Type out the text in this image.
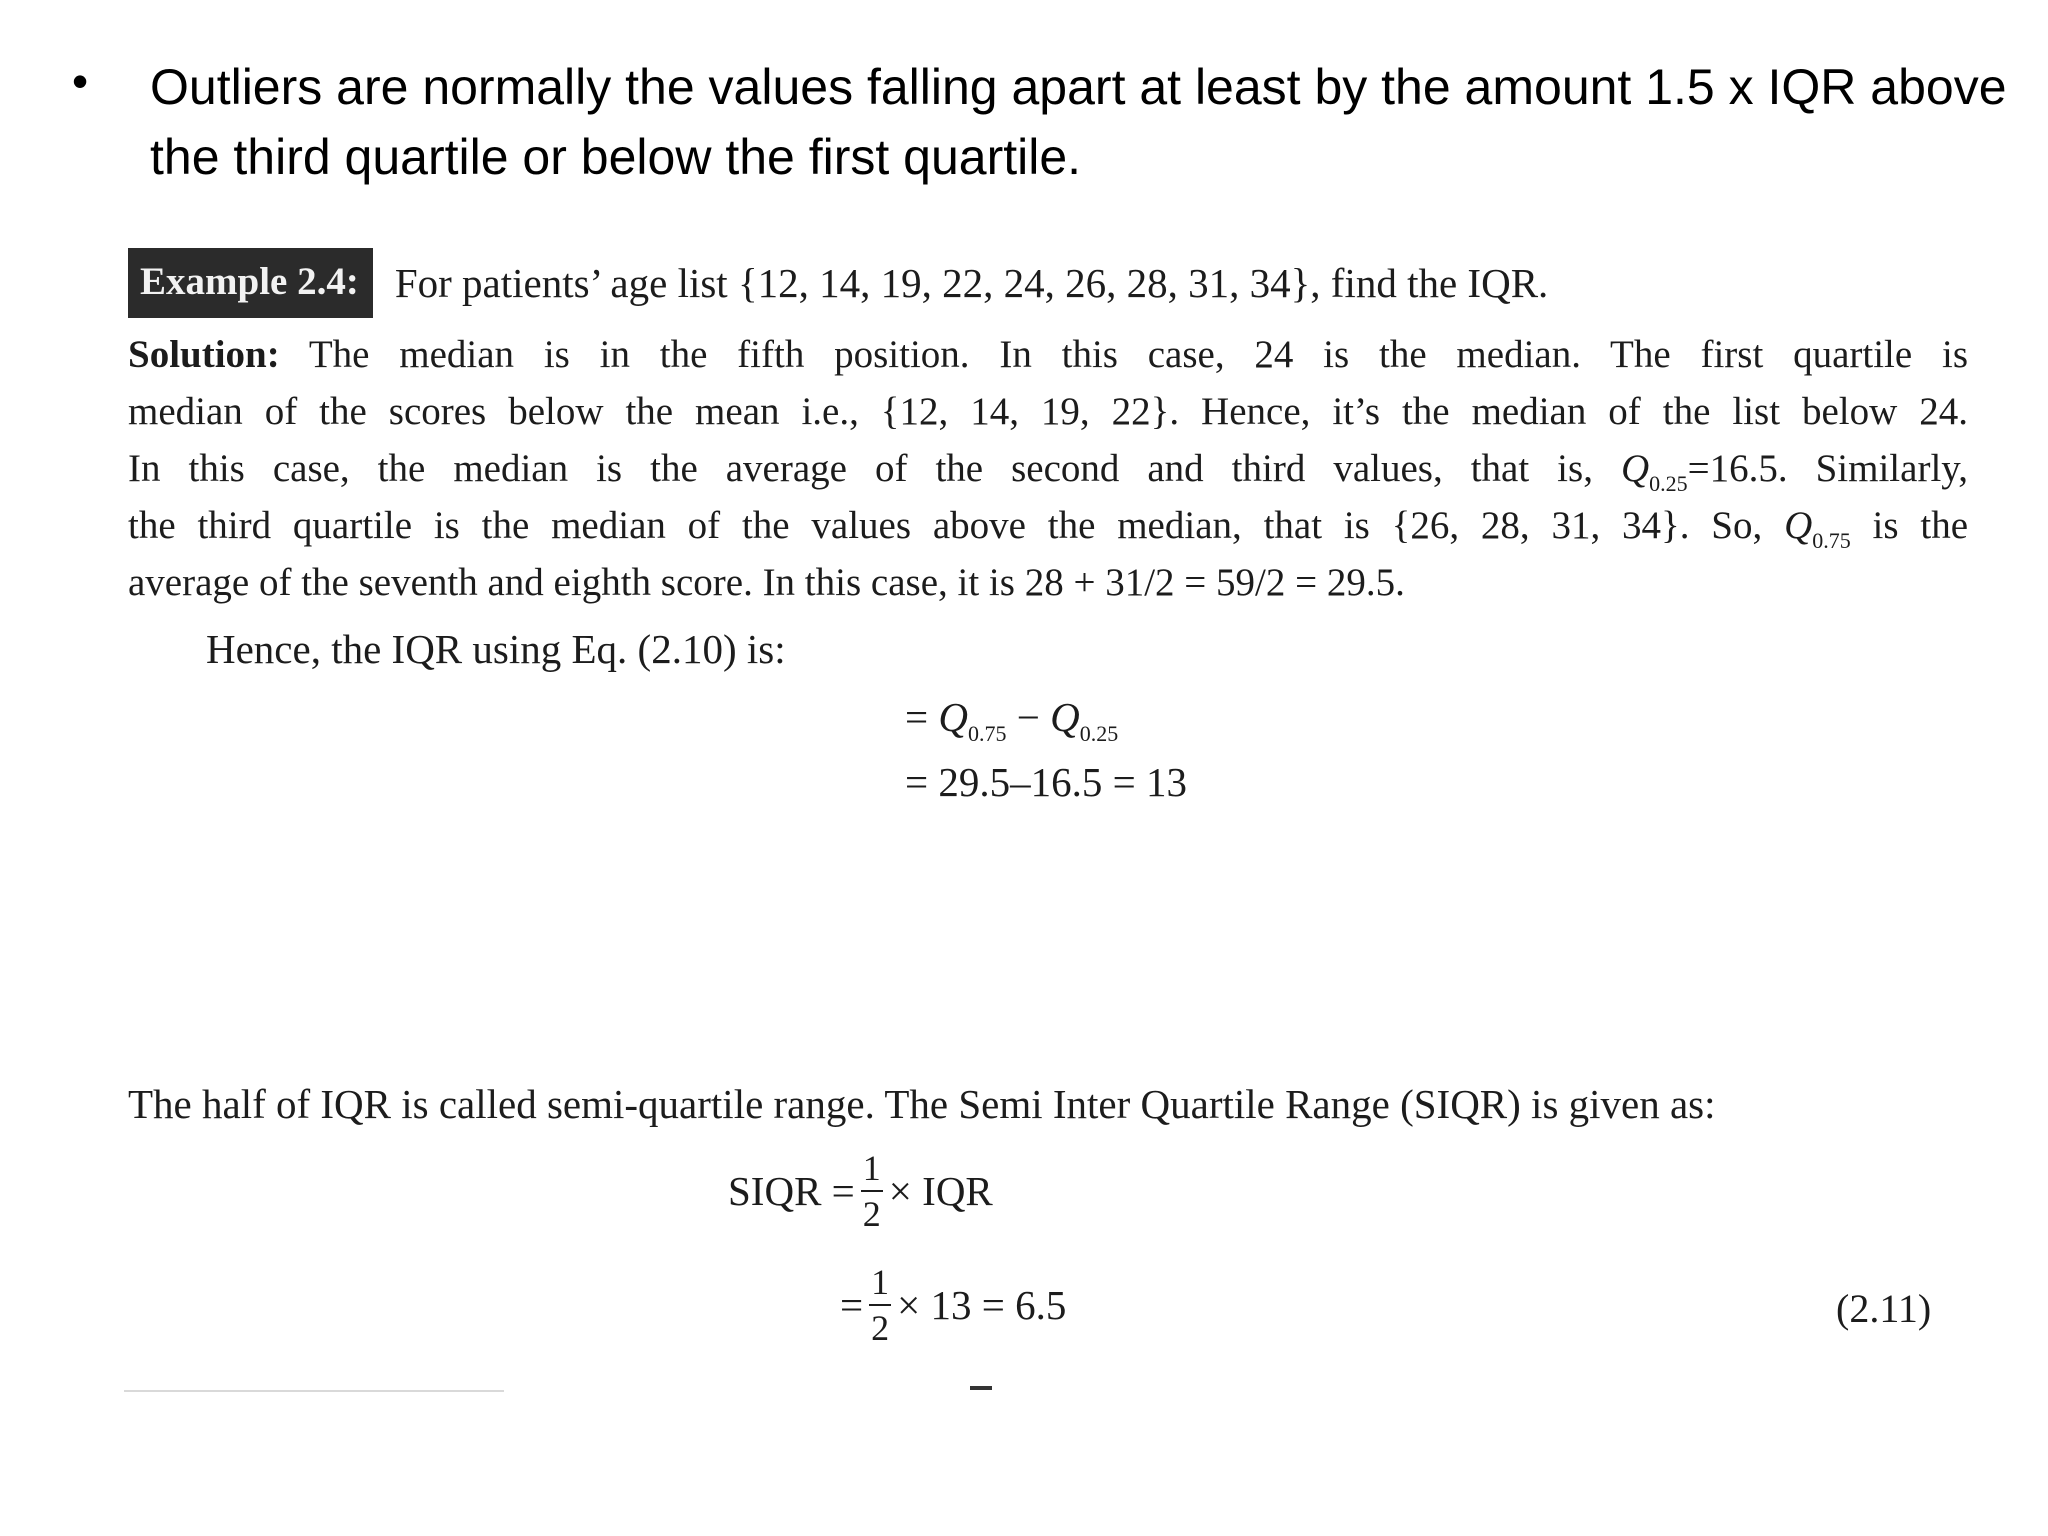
• Outliers are normally the values falling apart at least by the amount 1.5 x IQR above the third quartile or below the first quartile.
Example 2.4: For patients’ age list {12, 14, 19, 22, 24, 26, 28, 31, 34}, find the IQR.
Solution: The median is in the fifth position. In this case, 24 is the median. The first quartile is
median of the scores below the mean i.e., {12, 14, 19, 22}. Hence, it’s the median of the list below 24.
In this case, the median is the average of the second and third values, that is, $Q_{0.25}=16.5$. Similarly,
the third quartile is the median of the values above the median, that is {26, 28, 31, 34}. So, $Q_{0.75}$ is the
average of the seventh and eighth score. In this case, it is 28 + 31/2 = 59/2 = 29.5.
Hence, the IQR using Eq. (2.10) is:
= $Q_{0.75} - Q_{0.25}$
= 29.5–16.5 = 13
The half of IQR is called semi-quartile range. The Semi Inter Quartile Range (SIQR) is given as:
SIQR = $\frac{1}{2}$ × IQR
= $\frac{1}{2} \times 13 = 6.5$	(2.11)
